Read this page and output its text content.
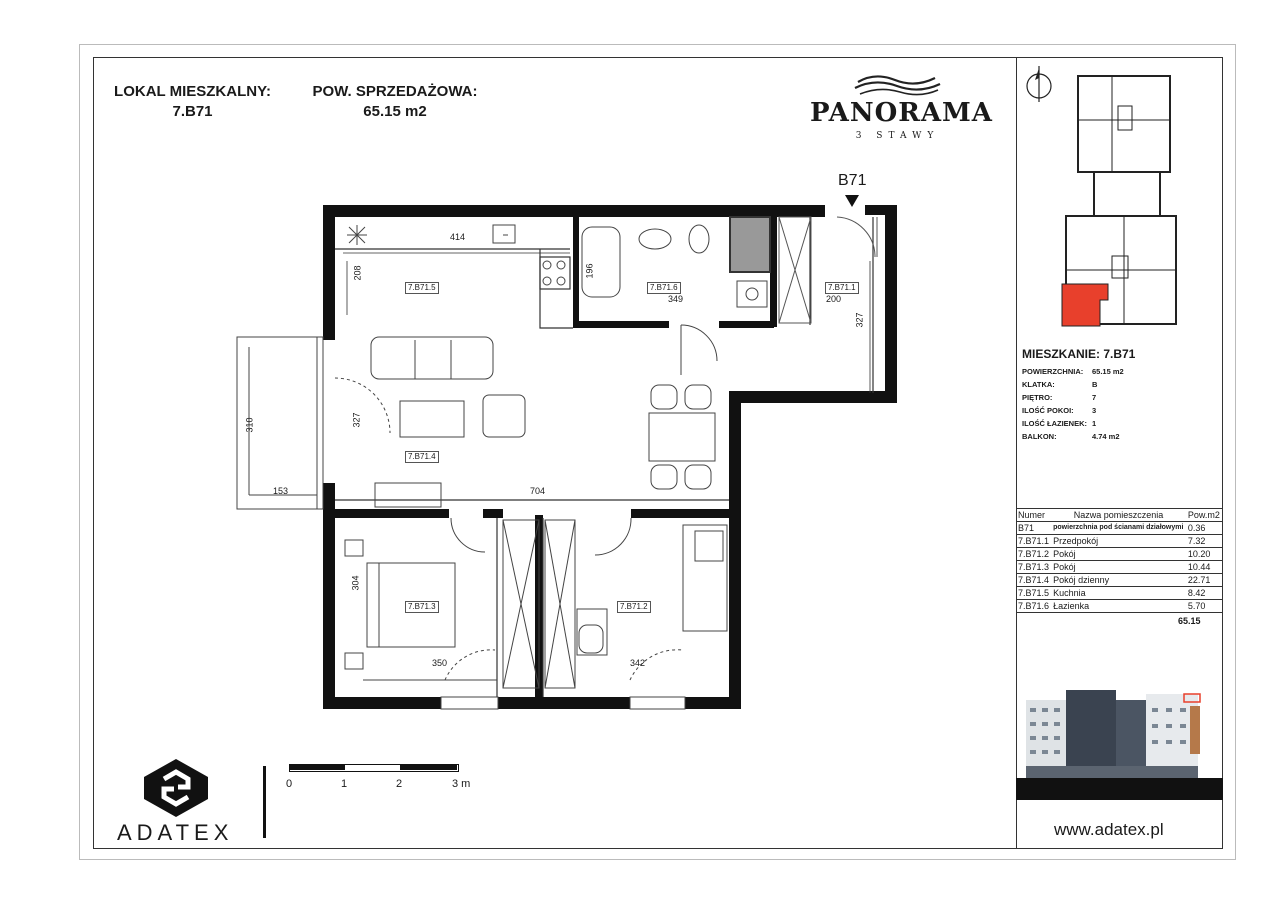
LOKAL MIESZKALNY:
7.B71
POW. SPRZEDAŻOWA:
65.15 m2	PANORAMA
3 STAWY
B71
7.B71.5	7.B71.6	7.B71.1
7.B71.4
7.B71.3	7.B71.2
414
208	196
349	200
327
327
704
310
153
304
350	342
0	1	2	3 m
ADATEX
MIESZKANIE: 7.B71
POWIERZCHNIA: 65.15 m2
KLATKA:	B
PIĘTRO:	7
ILOŚĆ POKOI: 3
ILOŚĆ ŁAZIENEK: 1
BALKON:	4.74 m2
Numer	Nazwa pomieszczenia	Pow.m2
B71	powierzchnia pod ścianami działowymi	0.36
7.B71.1	Przedpokój	7.32
7.B71.2	Pokój	10.20
7.B71.3	Pokój	10.44
7.B71.4	Pokój dzienny	22.71
7.B71.5	Kuchnia	8.42
7.B71.6	Łazienka	5.70
65.15
www.adatex.pl
